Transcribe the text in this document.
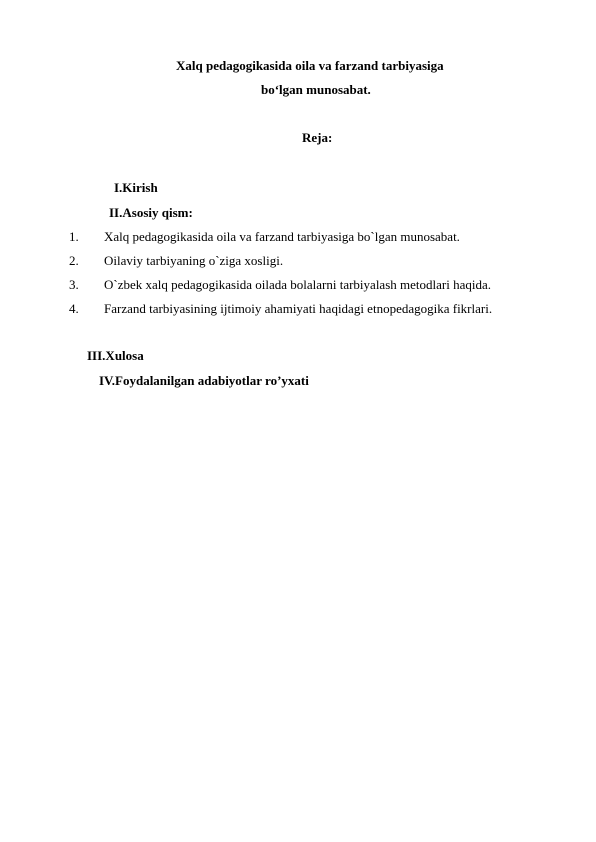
Xalq pedagogikasida oila va farzand tarbiyasiga
bo‘lgan munosabat.
Reja:
I.Kirish
II.Asosiy qism:
1. Xalq pedagogikasida oila va farzand tarbiyasiga bo`lgan munosabat.
2. Oilaviy tarbiyaning o`ziga xosligi.
3. O`zbek xalq pedagogikasida oilada bolalarni tarbiyalash metodlari haqida.
4. Farzand tarbiyasining ijtimoiy ahamiyati haqidagi etnopedagogika fikrlari.
III.Xulosa
IV.Foydalanilgan adabiyotlar ro’yxati
